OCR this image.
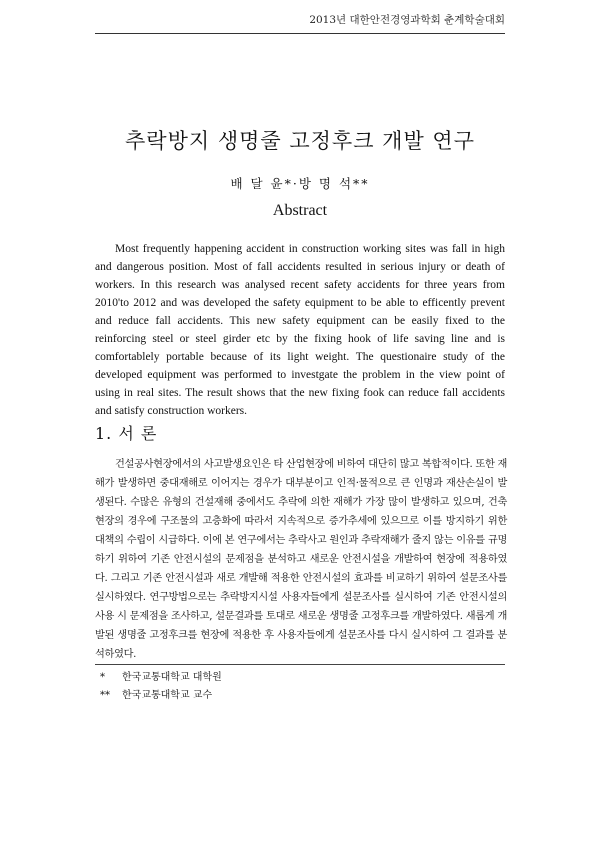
2013년 대한안전경영과학회 춘계학술대회
추락방지 생명줄 고정후크 개발 연구
배 달 윤*·방 명 석**
Abstract

Most frequently happening accident in construction working sites was fall in high and dangerous position. Most of fall accidents resulted in serious injury or death of workers. In this research was analysed recent safety accidents for three years from 2010'to 2012 and was developed the safety equipment to be able to efficently prevent and reduce fall accidents. This new safety equipment can be easily fixed to the reinforcing steel or steel girder etc by the fixing hook of life saving line and is comfortablely portable because of its light weight. The questionaire study of the developed equipment was performed to investgate the problem in the view point of using in real sites. The result shows that the new fixing fook can reduce fall accidents and satisfy construction workers.

1. 서 론

건설공사현장에서의 사고발생요인은 타 산업현장에 비하여 대단히 많고 복합적이다. 또한 재해가 발생하면 중대재해로 이어지는 경우가 대부분이고 인적·물적으로 큰 인명과 재산손실이 발생된다. 수많은 유형의 건설재해 중에서도 추락에 의한 재해가 가장 많이 발생하고 있으며, 건축현장의 경우에 구조물의 고층화에 따라서 지속적으로 증가추세에 있으므로 이를 방지하기 위한 대책의 수립이 시급하다. 이에 본 연구에서는 추락사고 원인과 추락재해가 줄지 않는 이유를 규명하기 위하여 기존 안전시설의 문제점을 분석하고 새로운 안전시설을 개발하여 현장에 적용하였다. 그리고 기존 안전시설과 새로 개발해 적용한 안전시설의 효과를 비교하기 위하여 설문조사를 실시하였다. 연구방법으로는 추락방지시설 사용자들에게 설문조사를 실시하여 기존 안전시설의 사용 시 문제점을 조사하고, 설문결과를 토대로 새로운 생명줄 고정후크를 개발하였다. 새롭게 개발된 생명줄 고정후크를 현장에 적용한 후 사용자들에게 설문조사를 다시 실시하여 그 결과를 분석하였다.

*	한국교통대학교 대학원
**	한국교통대학교 교수
